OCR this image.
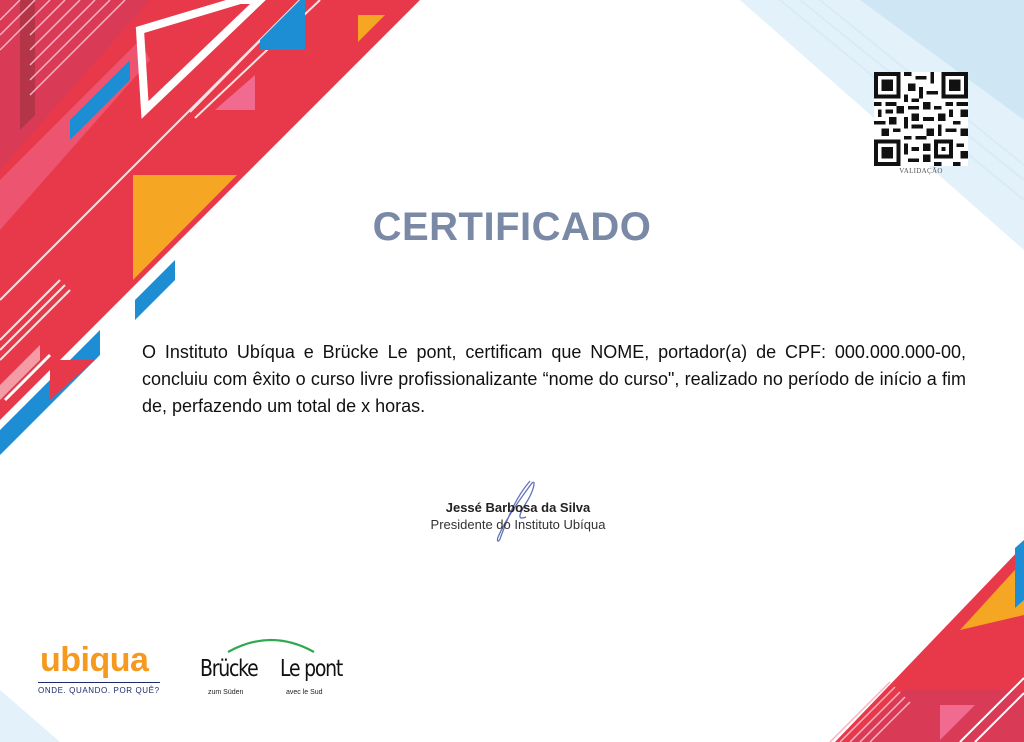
VALIDAÇÃO
CERTIFICADO
O Instituto Ubíqua e Brücke Le pont, certificam que NOME, portador(a) de CPF: 000.000.000-00, concluiu com êxito o curso livre profissionalizante “nome do curso", realizado no período de início a fim de, perfazendo um total de x horas.
Jessé Barbosa da Silva
Presidente do Instituto Ubíqua
ubiqua
ONDE. QUANDO. POR QUÊ?
Brücke Le pont
zum Süden	avec le Sud
